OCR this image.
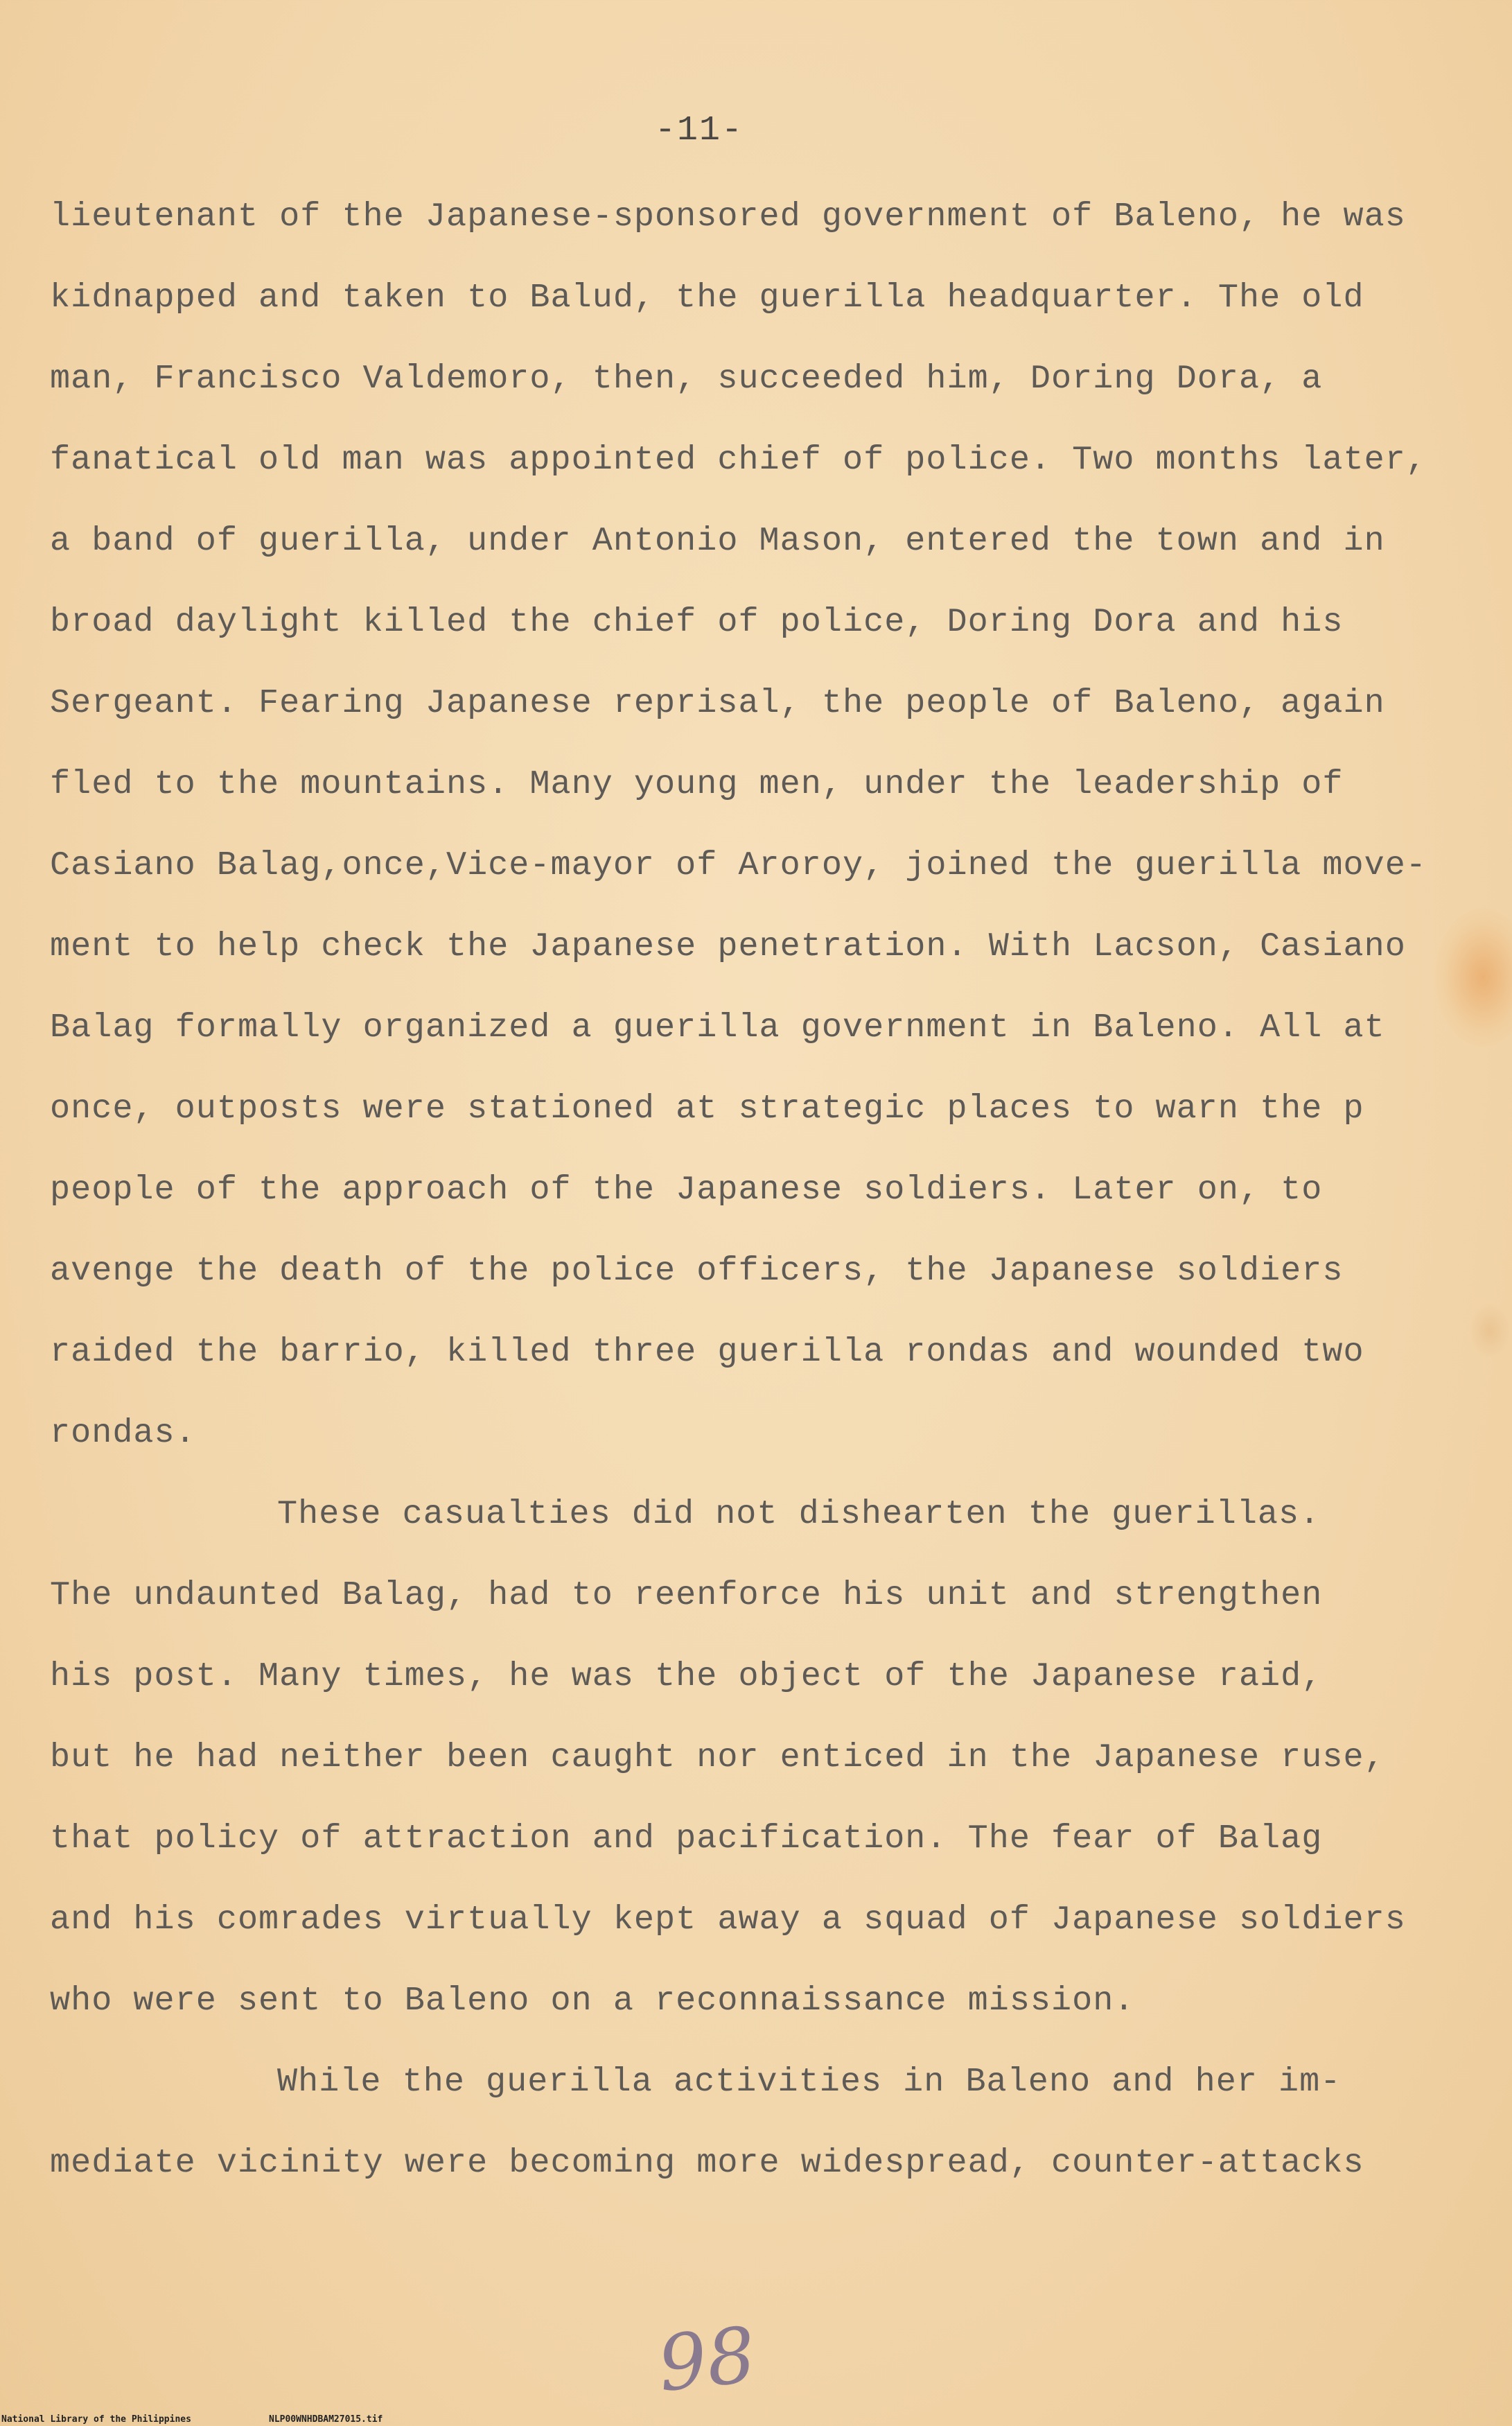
-11-
lieutenant of the Japanese-sponsored government of Baleno, he was
kidnapped and taken to Balud, the guerilla headquarter. The old
man, Francisco Valdemoro, then, succeeded him, Doring Dora, a
fanatical old man was appointed chief of police. Two months later,
a band of guerilla, under Antonio Mason, entered the town and in
broad daylight killed the chief of police, Doring Dora and his
Sergeant. Fearing Japanese reprisal, the people of Baleno, again
fled to the mountains. Many young men, under the leadership of
Casiano Balag,once,Vice-mayor of Aroroy, joined the guerilla move-
ment to help check the Japanese penetration. With Lacson, Casiano
Balag formally organized a guerilla government in Baleno. All at
once, outposts were stationed at strategic places to warn the p
people of the approach of the Japanese soldiers. Later on, to
avenge the death of the police officers, the Japanese soldiers
raided the barrio, killed three guerilla rondas and wounded two
rondas.
These casualties did not dishearten the guerillas.
The undaunted Balag, had to reenforce his unit and strengthen
his post. Many times, he was the object of the Japanese raid,
but he had neither been caught nor enticed in the Japanese ruse,
that policy of attraction and pacification. The fear of Balag
and his comrades virtually kept away a squad of Japanese soldiers
who were sent to Baleno on a reconnaissance mission.
While the guerilla activities in Baleno and her im-
mediate vicinity were becoming more widespread, counter-attacks
98
National Library of the Philippines	NLP00WNHDBAM27015.tif
